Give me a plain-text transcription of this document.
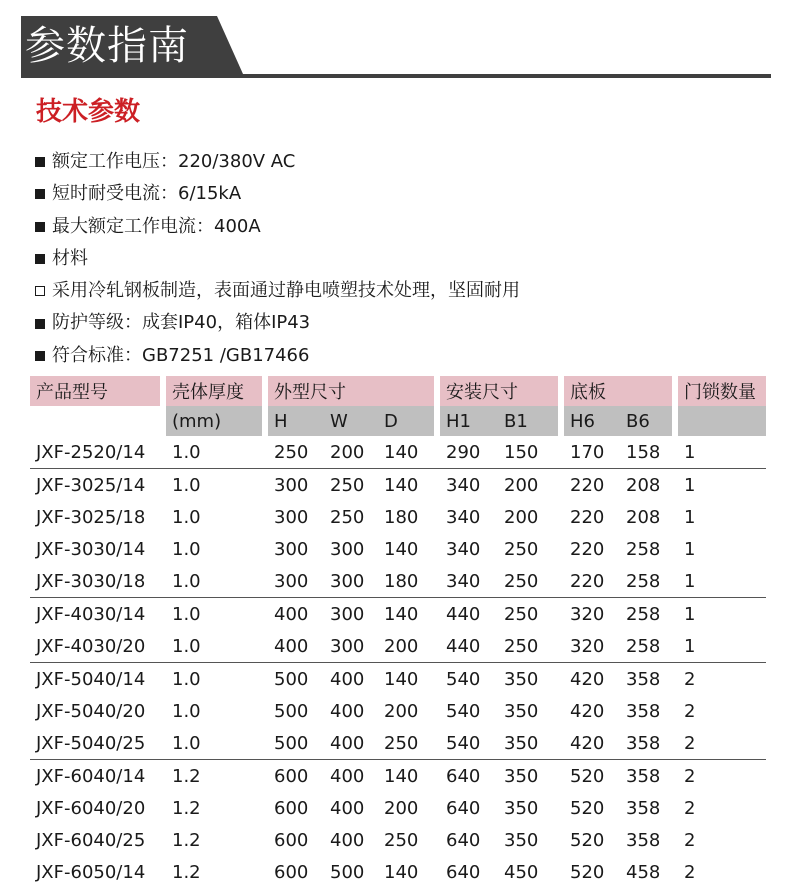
参数指南
技术参数
额定工作电压：220/380V AC
短时耐受电流：6/15kA
最大额定工作电流：400A
材料
采用冷轧钢板制造，表面通过静电喷塑技术处理，坚固耐用
防护等级：成套IP40，箱体IP43
符合标准：GB7251 /GB17466
产品型号		壳体厚度		外型尺寸				安装尺寸			底板			门锁数量
		(mm)		H	W	D		H1	B1		H6	B6		
JXF-2520/14		1.0		250	200	140		290	150		170	158		1
JXF-3025/14		1.0		300	250	140		340	200		220	208		1
JXF-3025/18		1.0		300	250	180		340	200		220	208		1
JXF-3030/14		1.0		300	300	140		340	250		220	258		1
JXF-3030/18		1.0		300	300	180		340	250		220	258		1
JXF-4030/14		1.0		400	300	140		440	250		320	258		1
JXF-4030/20		1.0		400	300	200		440	250		320	258		1
JXF-5040/14		1.0		500	400	140		540	350		420	358		2
JXF-5040/20		1.0		500	400	200		540	350		420	358		2
JXF-5040/25		1.0		500	400	250		540	350		420	358		2
JXF-6040/14		1.2		600	400	140		640	350		520	358		2
JXF-6040/20		1.2		600	400	200		640	350		520	358		2
JXF-6040/25		1.2		600	400	250		640	350		520	358		2
JXF-6050/14		1.2		600	500	140		640	450		520	458		2
